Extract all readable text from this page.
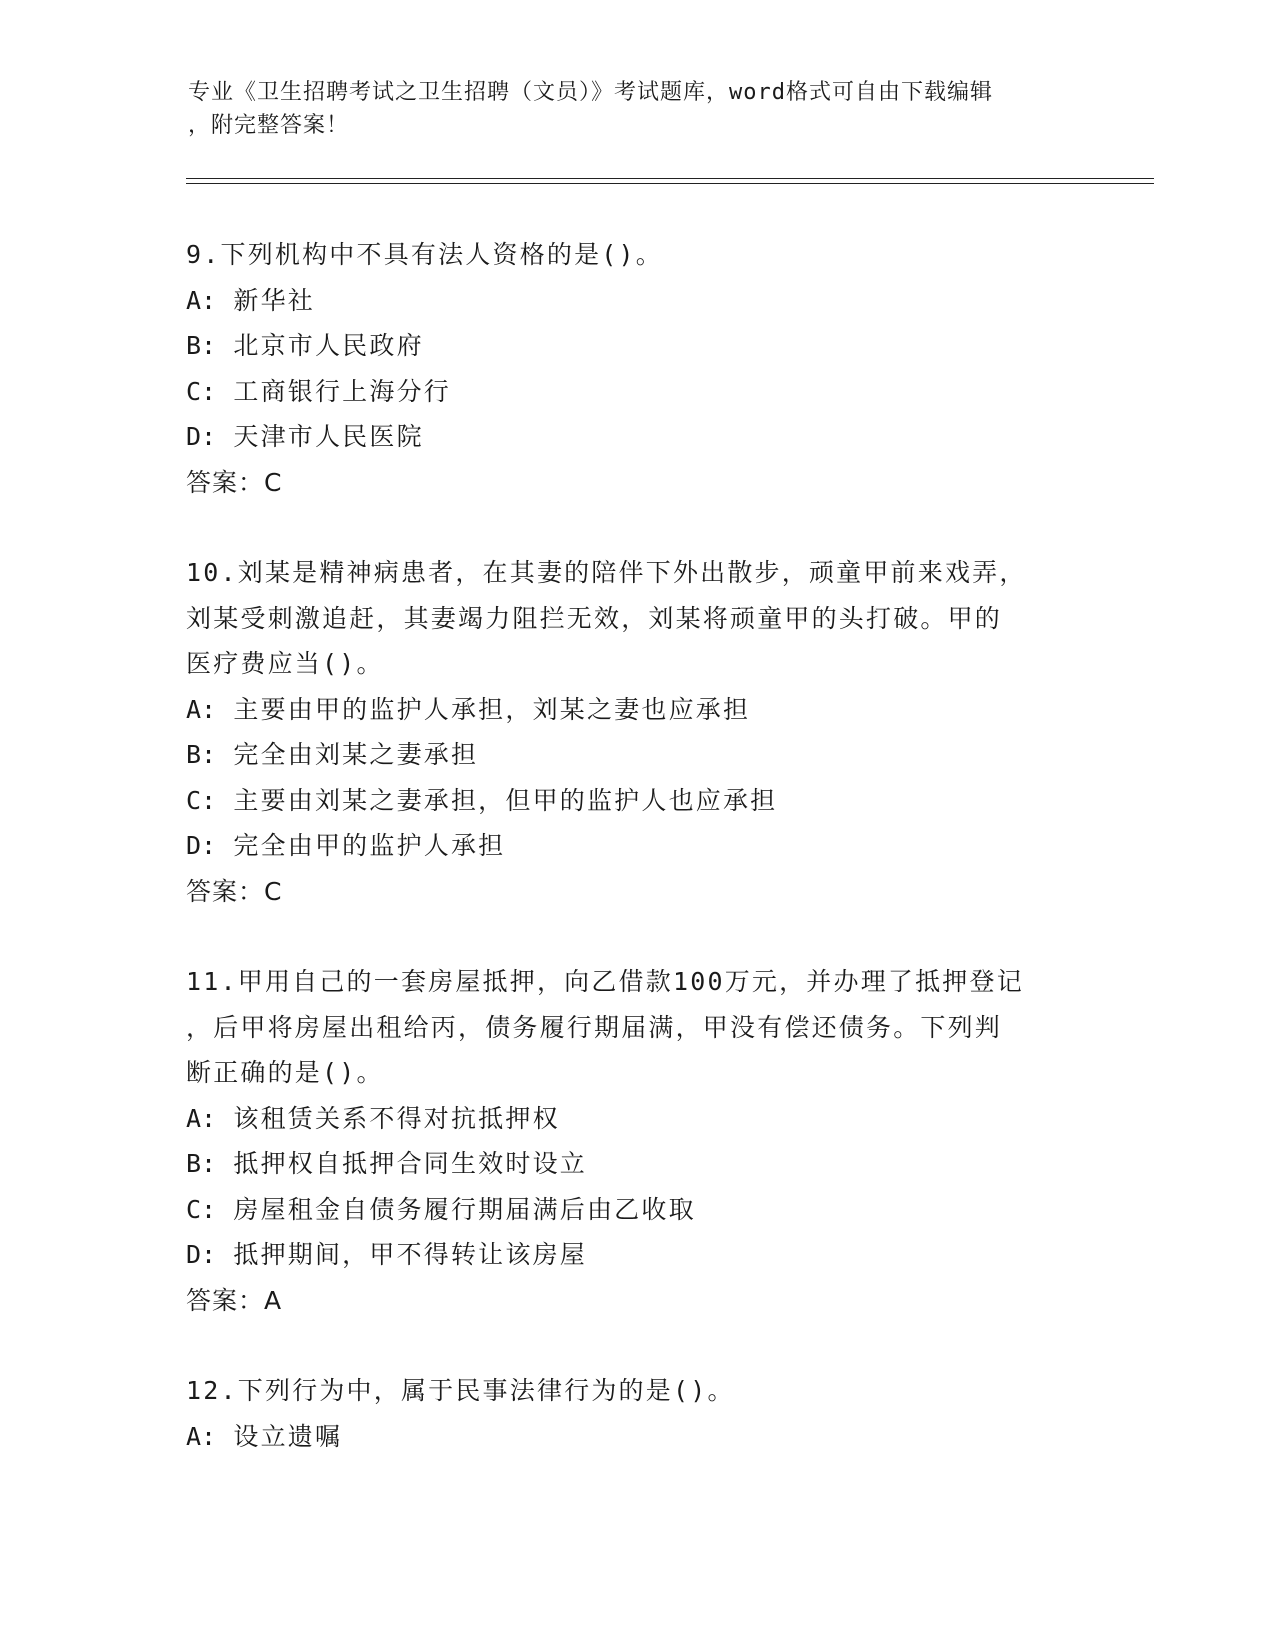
专业《卫生招聘考试之卫生招聘（文员）》考试题库，word格式可自由下载编辑
，附完整答案！
9.下列机构中不具有法人资格的是()。
A: 新华社
B: 北京市人民政府
C: 工商银行上海分行
D: 天津市人民医院
答案：C
10.刘某是精神病患者，在其妻的陪伴下外出散步，顽童甲前来戏弄，
刘某受刺激追赶，其妻竭力阻拦无效，刘某将顽童甲的头打破。甲的
医疗费应当()。
A: 主要由甲的监护人承担，刘某之妻也应承担
B: 完全由刘某之妻承担
C: 主要由刘某之妻承担，但甲的监护人也应承担
D: 完全由甲的监护人承担
答案：C
11.甲用自己的一套房屋抵押，向乙借款100万元，并办理了抵押登记
，后甲将房屋出租给丙，债务履行期届满，甲没有偿还债务。下列判
断正确的是()。
A: 该租赁关系不得对抗抵押权
B: 抵押权自抵押合同生效时设立
C: 房屋租金自债务履行期届满后由乙收取
D: 抵押期间，甲不得转让该房屋
答案：A
12.下列行为中，属于民事法律行为的是()。
A: 设立遗嘱
